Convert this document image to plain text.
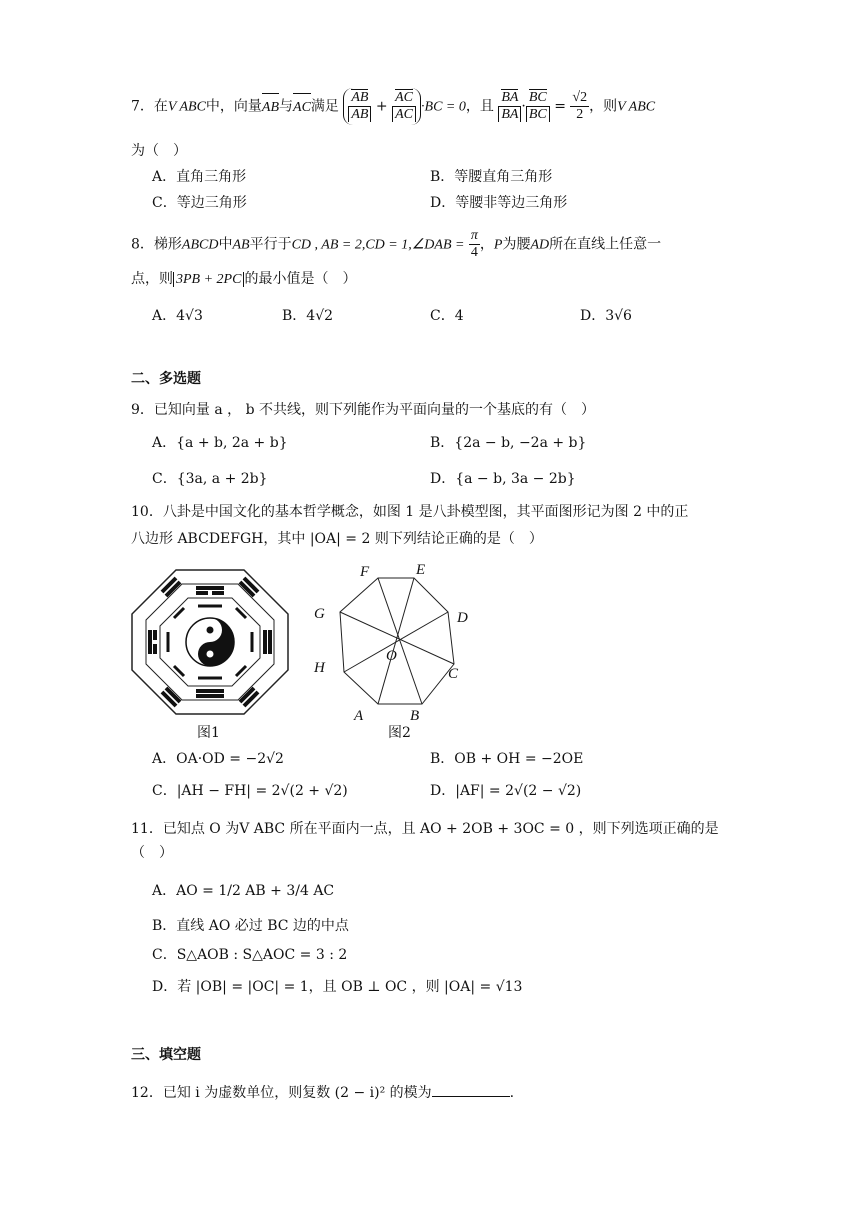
7．在V ABC中，向量AB与AC满足 $\frac{AB}{AB} + \frac{AC}{AC} \cdot BC = 0$，且 $\frac{BA}{BA} \cdot \frac{BC}{BC} = \frac{√2}{2}$ ，则V ABC
为（　）
A．直角三角形	B．等腰直角三角形
C．等边三角形	D．等腰非等边三角形
8．梯形ABCD中AB平行于CD , AB = 2,CD = 1,∠DAB = $\frac{\pi}{4}$ ，P为腰AD所在直线上任意一
点，则 3PB + 2PC 的最小值是（　）
A．4√3	B．4√2	C．4	D．3√6
二、多选题
9．已知向量 a ， b 不共线，则下列能作为平面向量的一个基底的有（　）
A．{a + b, 2a + b}	B．{2a − b, −2a + b}
C．{3a, a + 2b}	D．{a − b, 3a − 2b}
10．八卦是中国文化的基本哲学概念，如图 1 是八卦模型图，其平面图形记为图 2 中的正
八边形 ABCDEFGH，其中 |OA| = 2 则下列结论正确的是（　）
图1
A	B
C
D
E
F
G
H
O
图2
A．OA·OD = −2√2	B．OB + OH = −2OE
C．|AH − FH| = 2√(2 + √2)	D．|AF| = 2√(2 − √2)
11．已知点 O 为V ABC 所在平面内一点，且 AO + 2OB + 3OC = 0 ，则下列选项正确的是
（　）
A．AO = 1/2 AB + 3/4 AC
B．直线 AO 必过 BC 边的中点
C．S△AOB : S△AOC = 3 : 2
D．若 |OB| = |OC| = 1，且 OB ⊥ OC ，则 |OA| = √13
三、填空题
12．已知 i 为虚数单位，则复数 (2 − i)² 的模为	.
